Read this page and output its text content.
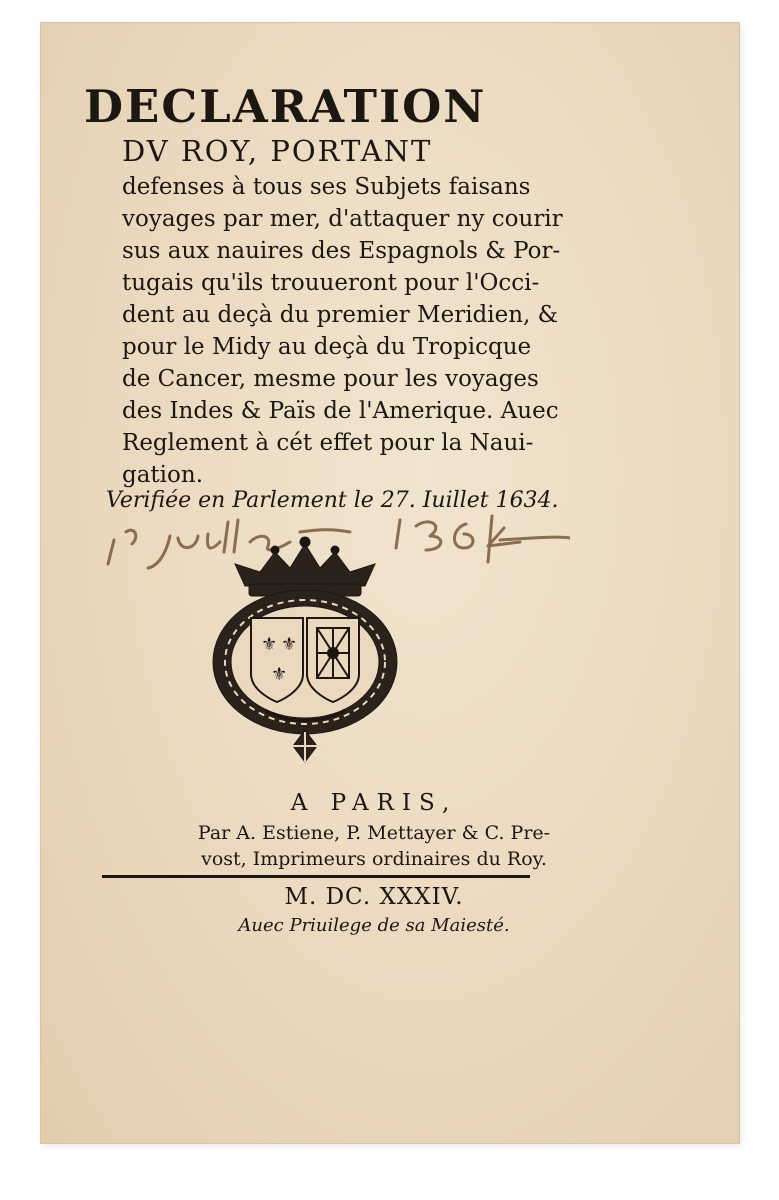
DECLARATION
DV ROY, PORTANT
defenses à tous ses Subjets faisans
voyages par mer, d'attaquer ny courir
sus aux nauires des Espagnols & Por-
tugais qu'ils trouueront pour l'Occi-
dent au deçà du premier Meridien, &
pour le Midy au deçà du Tropicque
de Cancer, mesme pour les voyages
des Indes & Païs de l'Amerique. Auec
Reglement à cét effet pour la Naui-
gation.
Verifiée en Parlement le 27. Iuillet 1634.
⚜ ⚜
⚜
A PARIS,
Par A. Estiene, P. Mettayer & C. Pre-
vost, Imprimeurs ordinaires du Roy.
M. DC. XXXIV.
Auec Priuilege de sa Maiesté.
